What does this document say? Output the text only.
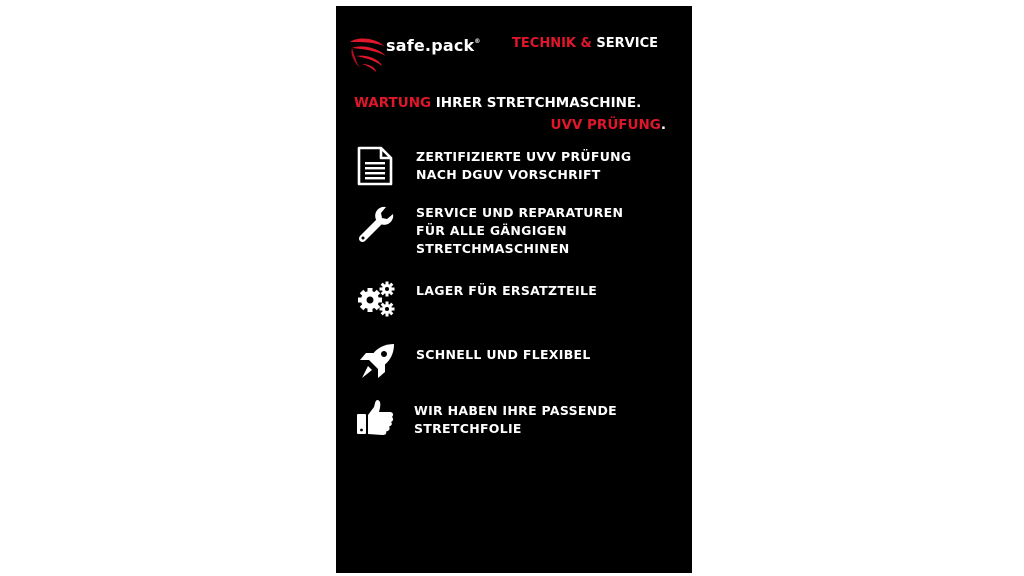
safe.pack® TECHNIK & SERVICE
WARTUNG IHRER STRETCHMASCHINE.
UVV PRÜFUNG.
ZERTIFIZIERTE UVV PRÜFUNG
NACH DGUV VORSCHRIFT
SERVICE UND REPARATUREN
FÜR ALLE GÄNGIGEN
STRETCHMASCHINEN
LAGER FÜR ERSATZTEILE
SCHNELL UND FLEXIBEL
WIR HABEN IHRE PASSENDE
STRETCHFOLIE
